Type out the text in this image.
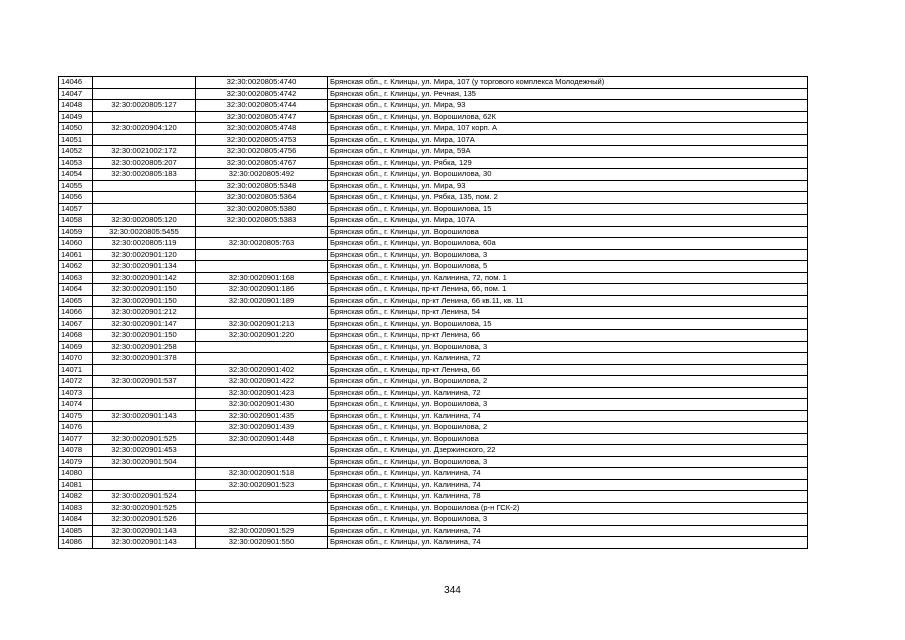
14046		32:30:0020805:4740	Брянская обл., г. Клинцы, ул. Мира, 107 (у торгового комплекса Молодежный)
14047		32:30:0020805:4742	Брянская обл., г. Клинцы, ул. Речная, 135
14048	32:30:0020805:127	32:30:0020805:4744	Брянская обл., г. Клинцы, ул. Мира, 93
14049		32:30:0020805:4747	Брянская обл., г. Клинцы, ул. Ворошилова, 62К
14050	32:30:0020904:120	32:30:0020805:4748	Брянская обл., г. Клинцы, ул. Мира, 107 корп. А
14051		32:30:0020805:4753	Брянская обл., г. Клинцы, ул. Мира, 107А
14052	32:30:0021002:172	32:30:0020805:4756	Брянская обл., г. Клинцы, ул. Мира, 59А
14053	32:30:0020805:207	32:30:0020805:4767	Брянская обл., г. Клинцы, ул. Рябка, 129
14054	32:30:0020805:183	32:30:0020805:492	Брянская обл., г. Клинцы, ул. Ворошилова, 30
14055		32:30:0020805:5348	Брянская обл., г. Клинцы, ул. Мира, 93
14056		32:30:0020805:5364	Брянская обл., г. Клинцы, ул. Рябка, 135, пом. 2
14057		32:30:0020805:5380	Брянская обл., г. Клинцы, ул. Ворошилова, 15
14058	32:30:0020805:120	32:30:0020805:5383	Брянская обл., г. Клинцы, ул. Мира, 107А
14059	32:30:0020805:5455		Брянская обл., г. Клинцы, ул. Ворошилова
14060	32:30:0020805:119	32:30:0020805:763	Брянская обл., г. Клинцы, ул. Ворошилова, 60а
14061	32:30:0020901:120		Брянская обл., г. Клинцы, ул. Ворошилова, 3
14062	32:30:0020901:134		Брянская обл., г. Клинцы, ул. Ворошилова, 5
14063	32:30:0020901:142	32:30:0020901:168	Брянская обл., г. Клинцы, ул. Калинина, 72, пом. 1
14064	32:30:0020901:150	32:30:0020901:186	Брянская обл., г. Клинцы, пр-кт Ленина, 66, пом. 1
14065	32:30:0020901:150	32:30:0020901:189	Брянская обл., г. Клинцы, пр-кт Ленина, 66 кв.11, кв. 11
14066	32:30:0020901:212		Брянская обл., г. Клинцы, пр-кт Ленина, 54
14067	32:30:0020901:147	32:30:0020901:213	Брянская обл., г. Клинцы, ул. Ворошилова, 15
14068	32:30:0020901:150	32:30:0020901:220	Брянская обл., г. Клинцы, пр-кт Ленина, 66
14069	32:30:0020901:258		Брянская обл., г. Клинцы, ул. Ворошилова, 3
14070	32:30:0020901:378		Брянская обл., г. Клинцы, ул. Калинина, 72
14071		32:30:0020901:402	Брянская обл., г. Клинцы, пр-кт Ленина, 66
14072	32:30:0020901:537	32:30:0020901:422	Брянская обл., г. Клинцы, ул. Ворошилова, 2
14073		32:30:0020901:423	Брянская обл., г. Клинцы, ул. Калинина, 72
14074		32:30:0020901:430	Брянская обл., г. Клинцы, ул. Ворошилова, 3
14075	32:30:0020901:143	32:30:0020901:435	Брянская обл., г. Клинцы, ул. Калинина, 74
14076		32:30:0020901:439	Брянская обл., г. Клинцы, ул. Ворошилова, 2
14077	32:30:0020901:525	32:30:0020901:448	Брянская обл., г. Клинцы, ул. Ворошилова
14078	32:30:0020901:453		Брянская обл., г. Клинцы, ул. Дзержинского, 22
14079	32:30:0020901:504		Брянская обл., г. Клинцы, ул. Ворошилова, 3
14080		32:30:0020901:518	Брянская обл., г. Клинцы, ул. Калинина, 74
14081		32:30:0020901:523	Брянская обл., г. Клинцы, ул. Калинина, 74
14082	32:30:0020901:524		Брянская обл., г. Клинцы, ул. Калинина, 78
14083	32:30:0020901:525		Брянская обл., г. Клинцы, ул. Ворошилова (р-н ГСК-2)
14084	32:30:0020901:526		Брянская обл., г. Клинцы, ул. Ворошилова, 3
14085	32:30:0020901:143	32:30:0020901:529	Брянская обл., г. Клинцы, ул. Калинина, 74
14086	32:30:0020901:143	32:30:0020901:550	Брянская обл., г. Клинцы, ул. Калинина, 74
344
